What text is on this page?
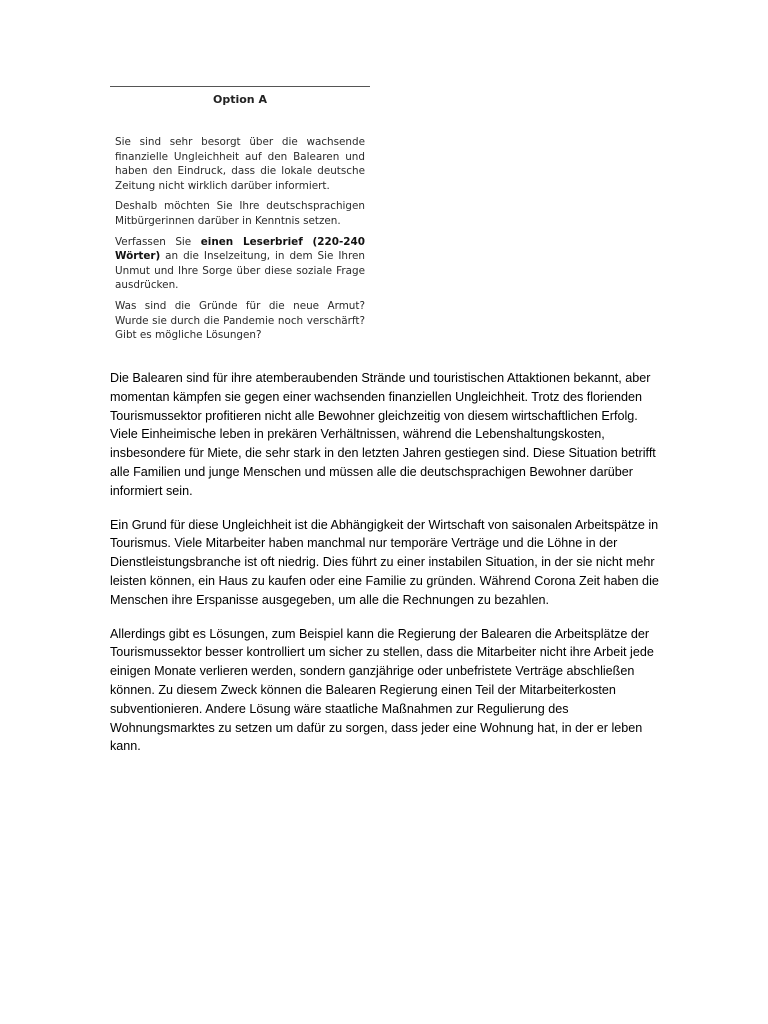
Option A

Sie sind sehr besorgt über die wachsende finanzielle Ungleichheit auf den Balearen und haben den Eindruck, dass die lokale deutsche Zeitung nicht wirklich darüber informiert.

Deshalb möchten Sie Ihre deutschsprachigen Mitbürgerinnen darüber in Kenntnis setzen.

Verfassen Sie einen Leserbrief (220-240 Wörter) an die Inselzeitung, in dem Sie Ihren Unmut und Ihre Sorge über diese soziale Frage ausdrücken.

Was sind die Gründe für die neue Armut? Wurde sie durch die Pandemie noch verschärft? Gibt es mögliche Lösungen?

Die Balearen sind für ihre atemberaubenden Strände und touristischen Attaktionen bekannt, aber momentan kämpfen sie gegen einer wachsenden finanziellen Ungleichheit. Trotz des florienden Tourismussektor profitieren nicht alle Bewohner gleichzeitig von diesem wirtschaftlichen Erfolg. Viele Einheimische leben in prekären Verhältnissen, während die Lebenshaltungskosten, insbesondere für Miete, die sehr stark in den letzten Jahren gestiegen sind. Diese Situation betrifft alle Familien und junge Menschen und müssen alle die deutschsprachigen Bewohner darüber informiert sein.

Ein Grund für diese Ungleichheit ist die Abhängigkeit der Wirtschaft von saisonalen Arbeitspätze in Tourismus. Viele Mitarbeiter haben manchmal nur temporäre Verträge und die Löhne in der Dienstleistungsbranche ist oft niedrig. Dies führt zu einer instabilen Situation, in der sie nicht mehr leisten können, ein Haus zu kaufen oder eine Familie zu gründen. Während Corona Zeit haben die Menschen ihre Erspanisse ausgegeben, um alle die Rechnungen zu bezahlen.

Allerdings gibt es Lösungen, zum Beispiel kann die Regierung der Balearen die Arbeitsplätze der Tourismussektor besser kontrolliert um sicher zu stellen, dass die Mitarbeiter nicht ihre Arbeit jede einigen Monate verlieren werden, sondern ganzjährige oder unbefristete Verträge abschließen können. Zu diesem Zweck können die Balearen Regierung einen Teil der Mitarbeiterkosten subventionieren. Andere Lösung wäre staatliche Maßnahmen zur Regulierung des Wohnungsmarktes zu setzen um dafür zu sorgen, dass jeder eine Wohnung hat, in der er leben kann.
